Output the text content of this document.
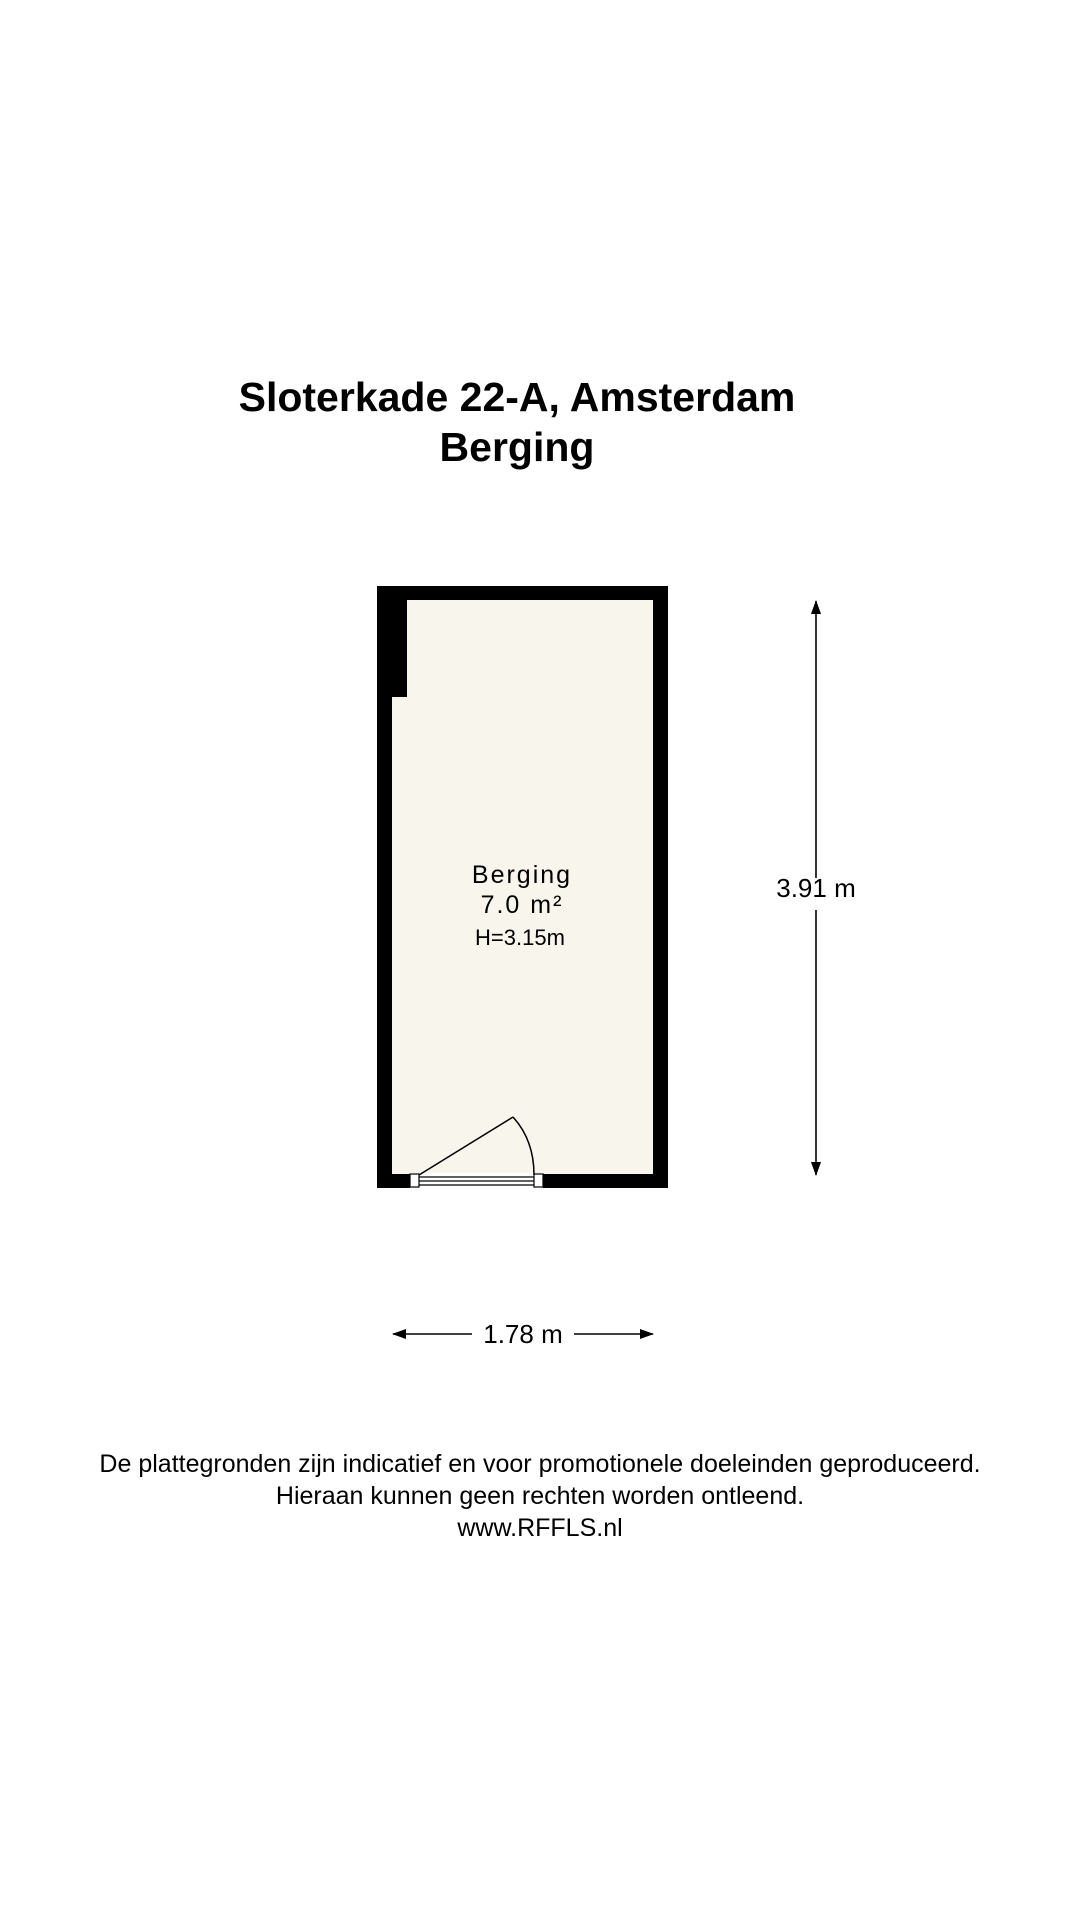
Sloterkade 22-A, Amsterdam
Berging
Berging
7.0 m²
H=3.15m
3.91 m
1.78 m
De plattegronden zijn indicatief en voor promotionele doeleinden geproduceerd.
Hieraan kunnen geen rechten worden ontleend.
www.RFFLS.nl
